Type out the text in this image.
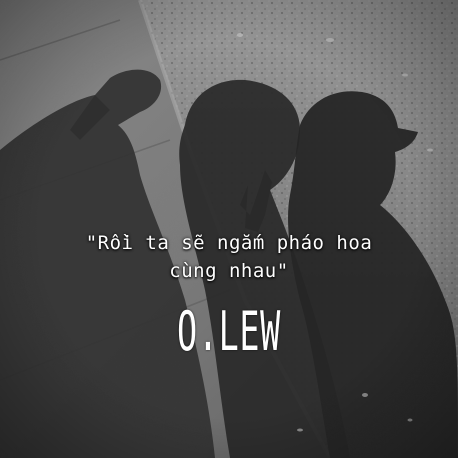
"Rồi ta sẽ ngắm pháo hoa
cùng nhau"
O.LEW
